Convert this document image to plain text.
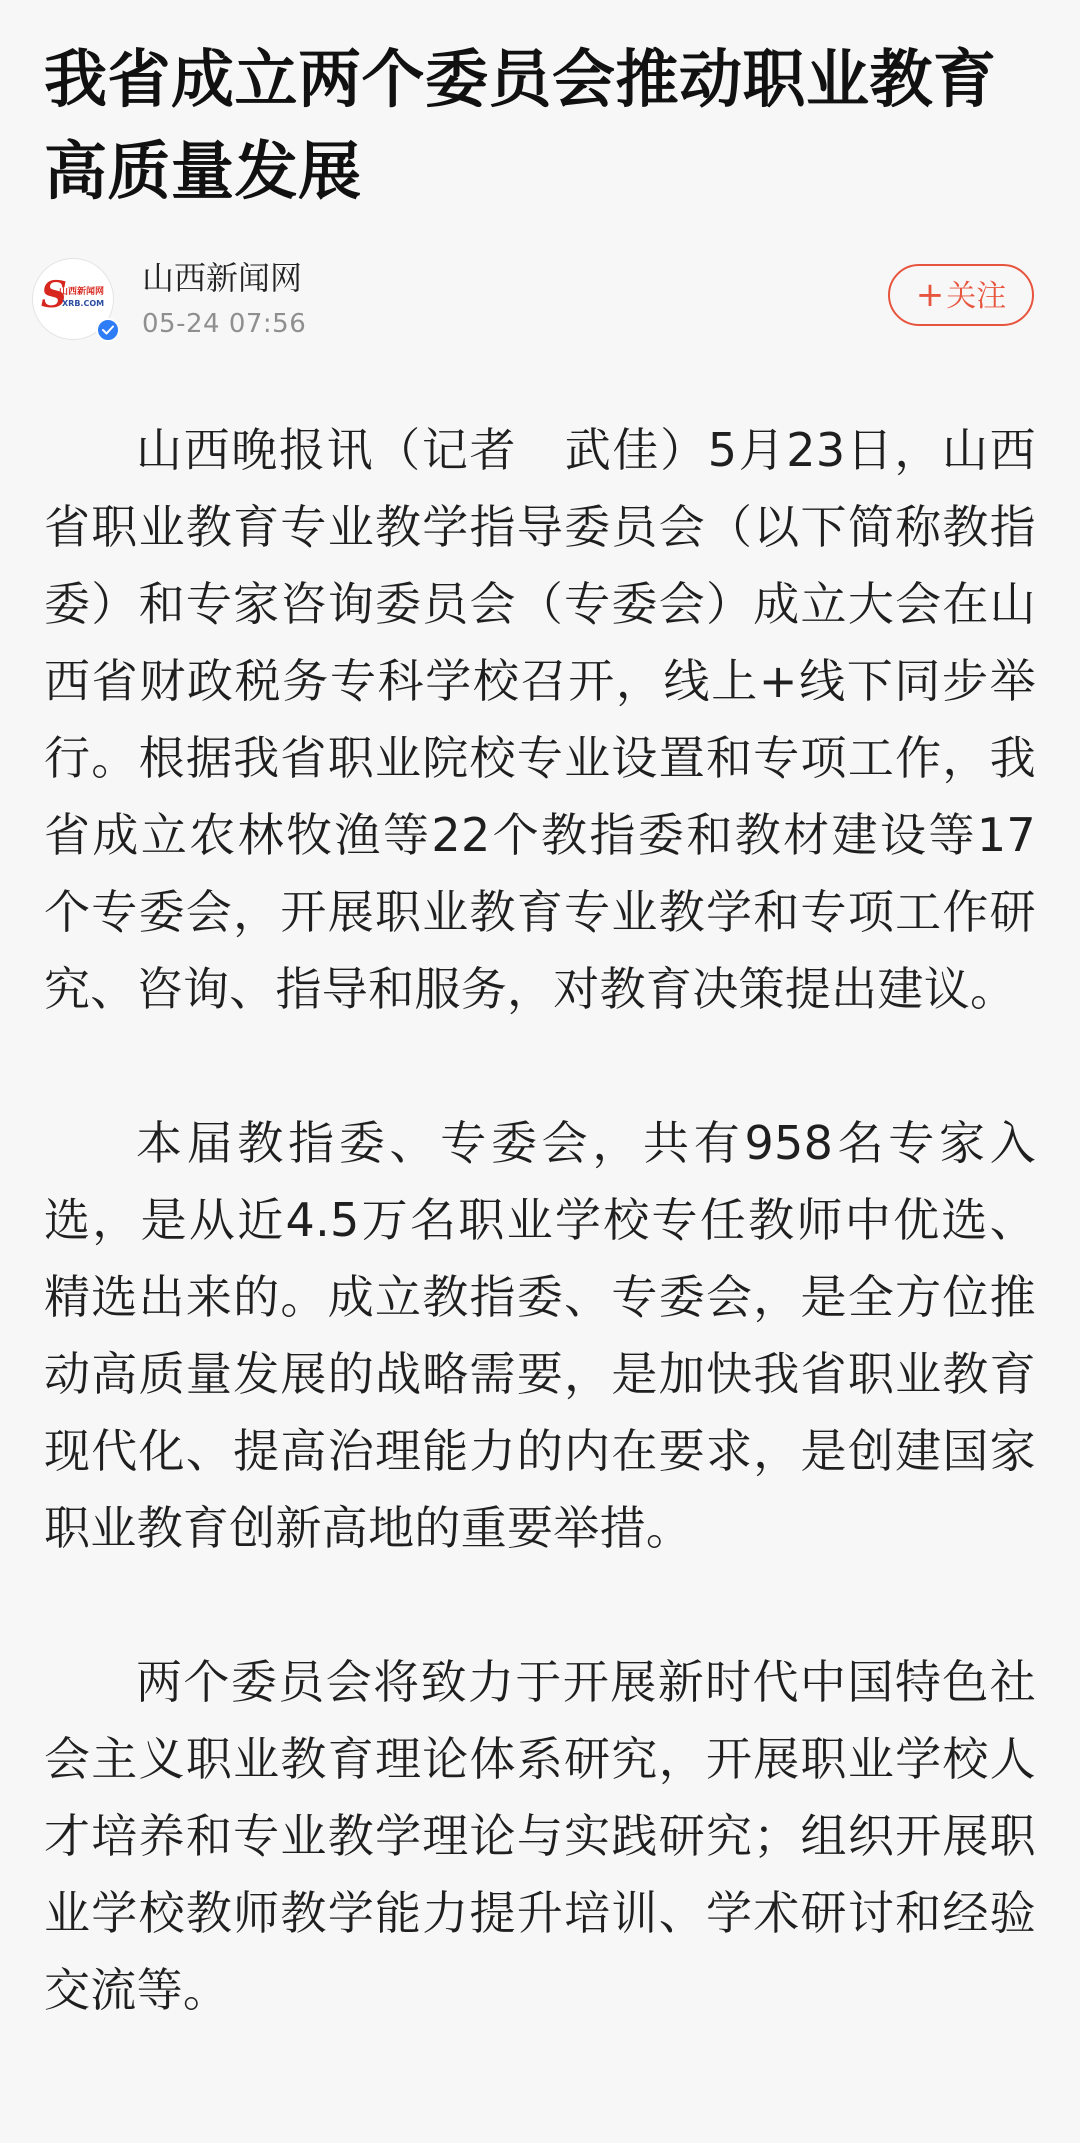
我省成立两个委员会推动职业教育高质量发展
S
山西新闻网
XRB.COM
山西新闻网
05-24 07:56
+关注

山西晚报讯（记者　武佳）5月23日，山西省职业教育专业教学指导委员会（以下简称教指委）和专家咨询委员会（专委会）成立大会在山西省财政税务专科学校召开，线上+线下同步举行。根据我省职业院校专业设置和专项工作，我省成立农林牧渔等22个教指委和教材建设等17个专委会，开展职业教育专业教学和专项工作研究、咨询、指导和服务，对教育决策提出建议。

本届教指委、专委会，共有958名专家入选，是从近4.5万名职业学校专任教师中优选、精选出来的。成立教指委、专委会，是全方位推动高质量发展的战略需要，是加快我省职业教育现代化、提高治理能力的内在要求，是创建国家职业教育创新高地的重要举措。

两个委员会将致力于开展新时代中国特色社会主义职业教育理论体系研究，开展职业学校人才培养和专业教学理论与实践研究；组织开展职业学校教师教学能力提升培训、学术研讨和经验交流等。
